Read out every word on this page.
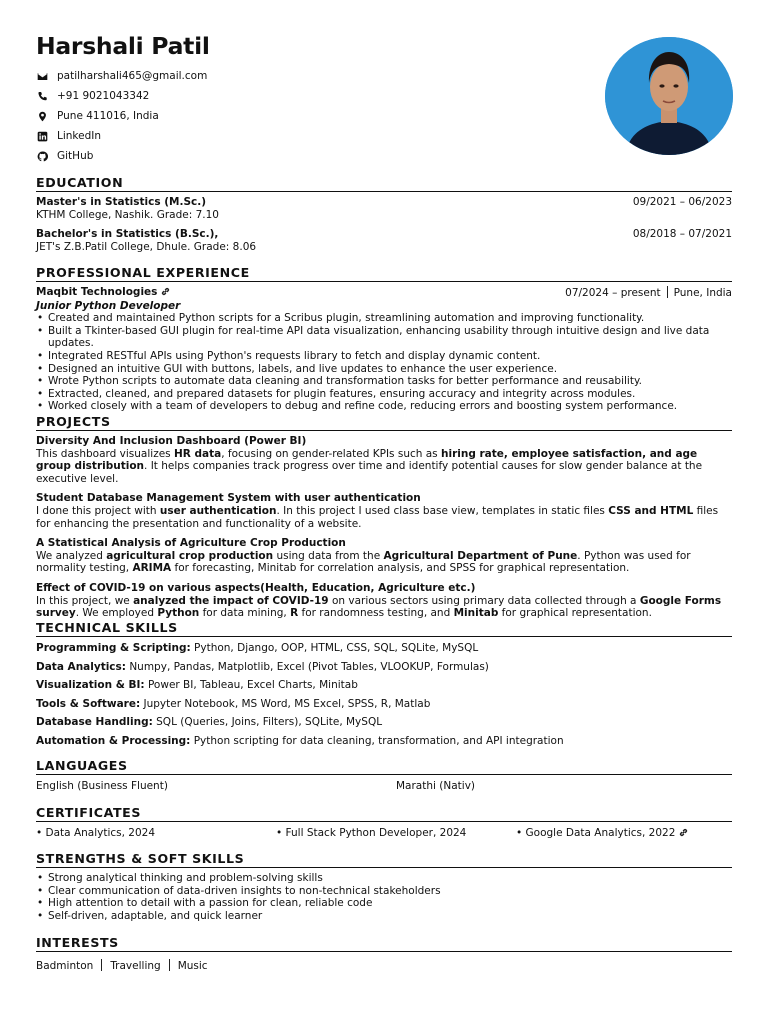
Harshali Patil
patilharshali465@gmail.com
+91 9021043342
Pune 411016, India
LinkedIn
GitHub
EDUCATION
Master's in Statistics (M.Sc.)	09/2021 – 06/2023
KTHM College, Nashik. Grade: 7.10
Bachelor's in Statistics (B.Sc.),	08/2018 – 07/2021
JET's Z.B.Patil College, Dhule. Grade: 8.06
PROFESSIONAL EXPERIENCE
Maqbit Technologies	07/2024 – present Pune, India
Junior Python Developer
• Created and maintained Python scripts for a Scribus plugin, streamlining automation and improving functionality.
• Built a Tkinter-based GUI plugin for real-time API data visualization, enhancing usability through intuitive design and live data updates.
• Integrated RESTful APIs using Python's requests library to fetch and display dynamic content.
• Designed an intuitive GUI with buttons, labels, and live updates to enhance the user experience.
• Wrote Python scripts to automate data cleaning and transformation tasks for better performance and reusability.
• Extracted, cleaned, and prepared datasets for plugin features, ensuring accuracy and integrity across modules.
• Worked closely with a team of developers to debug and refine code, reducing errors and boosting system performance.
PROJECTS
Diversity And Inclusion Dashboard (Power BI)
This dashboard visualizes HR data, focusing on gender-related KPIs such as hiring rate, employee satisfaction, and age group distribution. It helps companies track progress over time and identify potential causes for slow gender balance at the executive level.
Student Database Management System with user authentication
I done this project with user authentication. In this project I used class base view, templates in static files CSS and HTML files for enhancing the presentation and functionality of a website.
A Statistical Analysis of Agriculture Crop Production
We analyzed agricultural crop production using data from the Agricultural Department of Pune. Python was used for normality testing, ARIMA for forecasting, Minitab for correlation analysis, and SPSS for graphical representation.
Effect of COVID-19 on various aspects(Health, Education, Agriculture etc.)
In this project, we analyzed the impact of COVID-19 on various sectors using primary data collected through a Google Forms survey. We employed Python for data mining, R for randomness testing, and Minitab for graphical representation.
TECHNICAL SKILLS
Programming & Scripting: Python, Django, OOP, HTML, CSS, SQL, SQLite, MySQL
Data Analytics: Numpy, Pandas, Matplotlib, Excel (Pivot Tables, VLOOKUP, Formulas)
Visualization & BI: Power BI, Tableau, Excel Charts, Minitab
Tools & Software: Jupyter Notebook, MS Word, MS Excel, SPSS, R, Matlab
Database Handling: SQL (Queries, Joins, Filters), SQLite, MySQL
Automation & Processing: Python scripting for data cleaning, transformation, and API integration
LANGUAGES
English (Business Fluent)	Marathi (Nativ)
CERTIFICATES
• Data Analytics, 2024	• Full Stack Python Developer, 2024	• Google Data Analytics, 2022
STRENGTHS & SOFT SKILLS
• Strong analytical thinking and problem-solving skills
• Clear communication of data-driven insights to non-technical stakeholders
• High attention to detail with a passion for clean, reliable code
• Self-driven, adaptable, and quick learner
INTERESTS
Badminton Travelling Music
